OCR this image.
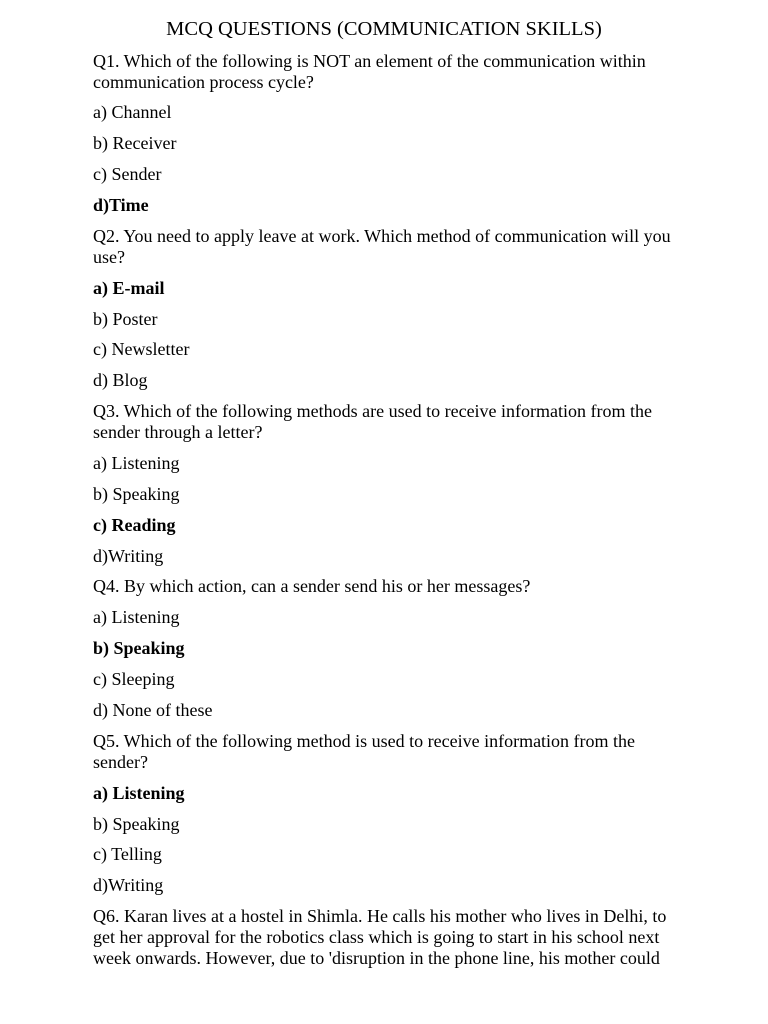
MCQ QUESTIONS (COMMUNICATION SKILLS)

Q1. Which of the following is NOT an element of the communication within
communication process cycle?

a) Channel

b) Receiver

c) Sender

d)Time

Q2. You need to apply leave at work. Which method of communication will you
use?

a) E-mail

b) Poster

c) Newsletter

d) Blog

Q3. Which of the following methods are used to receive information from the
sender through a letter?

a) Listening

b) Speaking

c) Reading

d)Writing

Q4. By which action, can a sender send his or her messages?

a) Listening

b) Speaking

c) Sleeping

d) None of these

Q5. Which of the following method is used to receive information from the
sender?

a) Listening

b) Speaking

c) Telling

d)Writing

Q6. Karan lives at a hostel in Shimla. He calls his mother who lives in Delhi, to
get her approval for the robotics class which is going to start in his school next
week onwards. However, due to 'disruption in the phone line, his mother could
